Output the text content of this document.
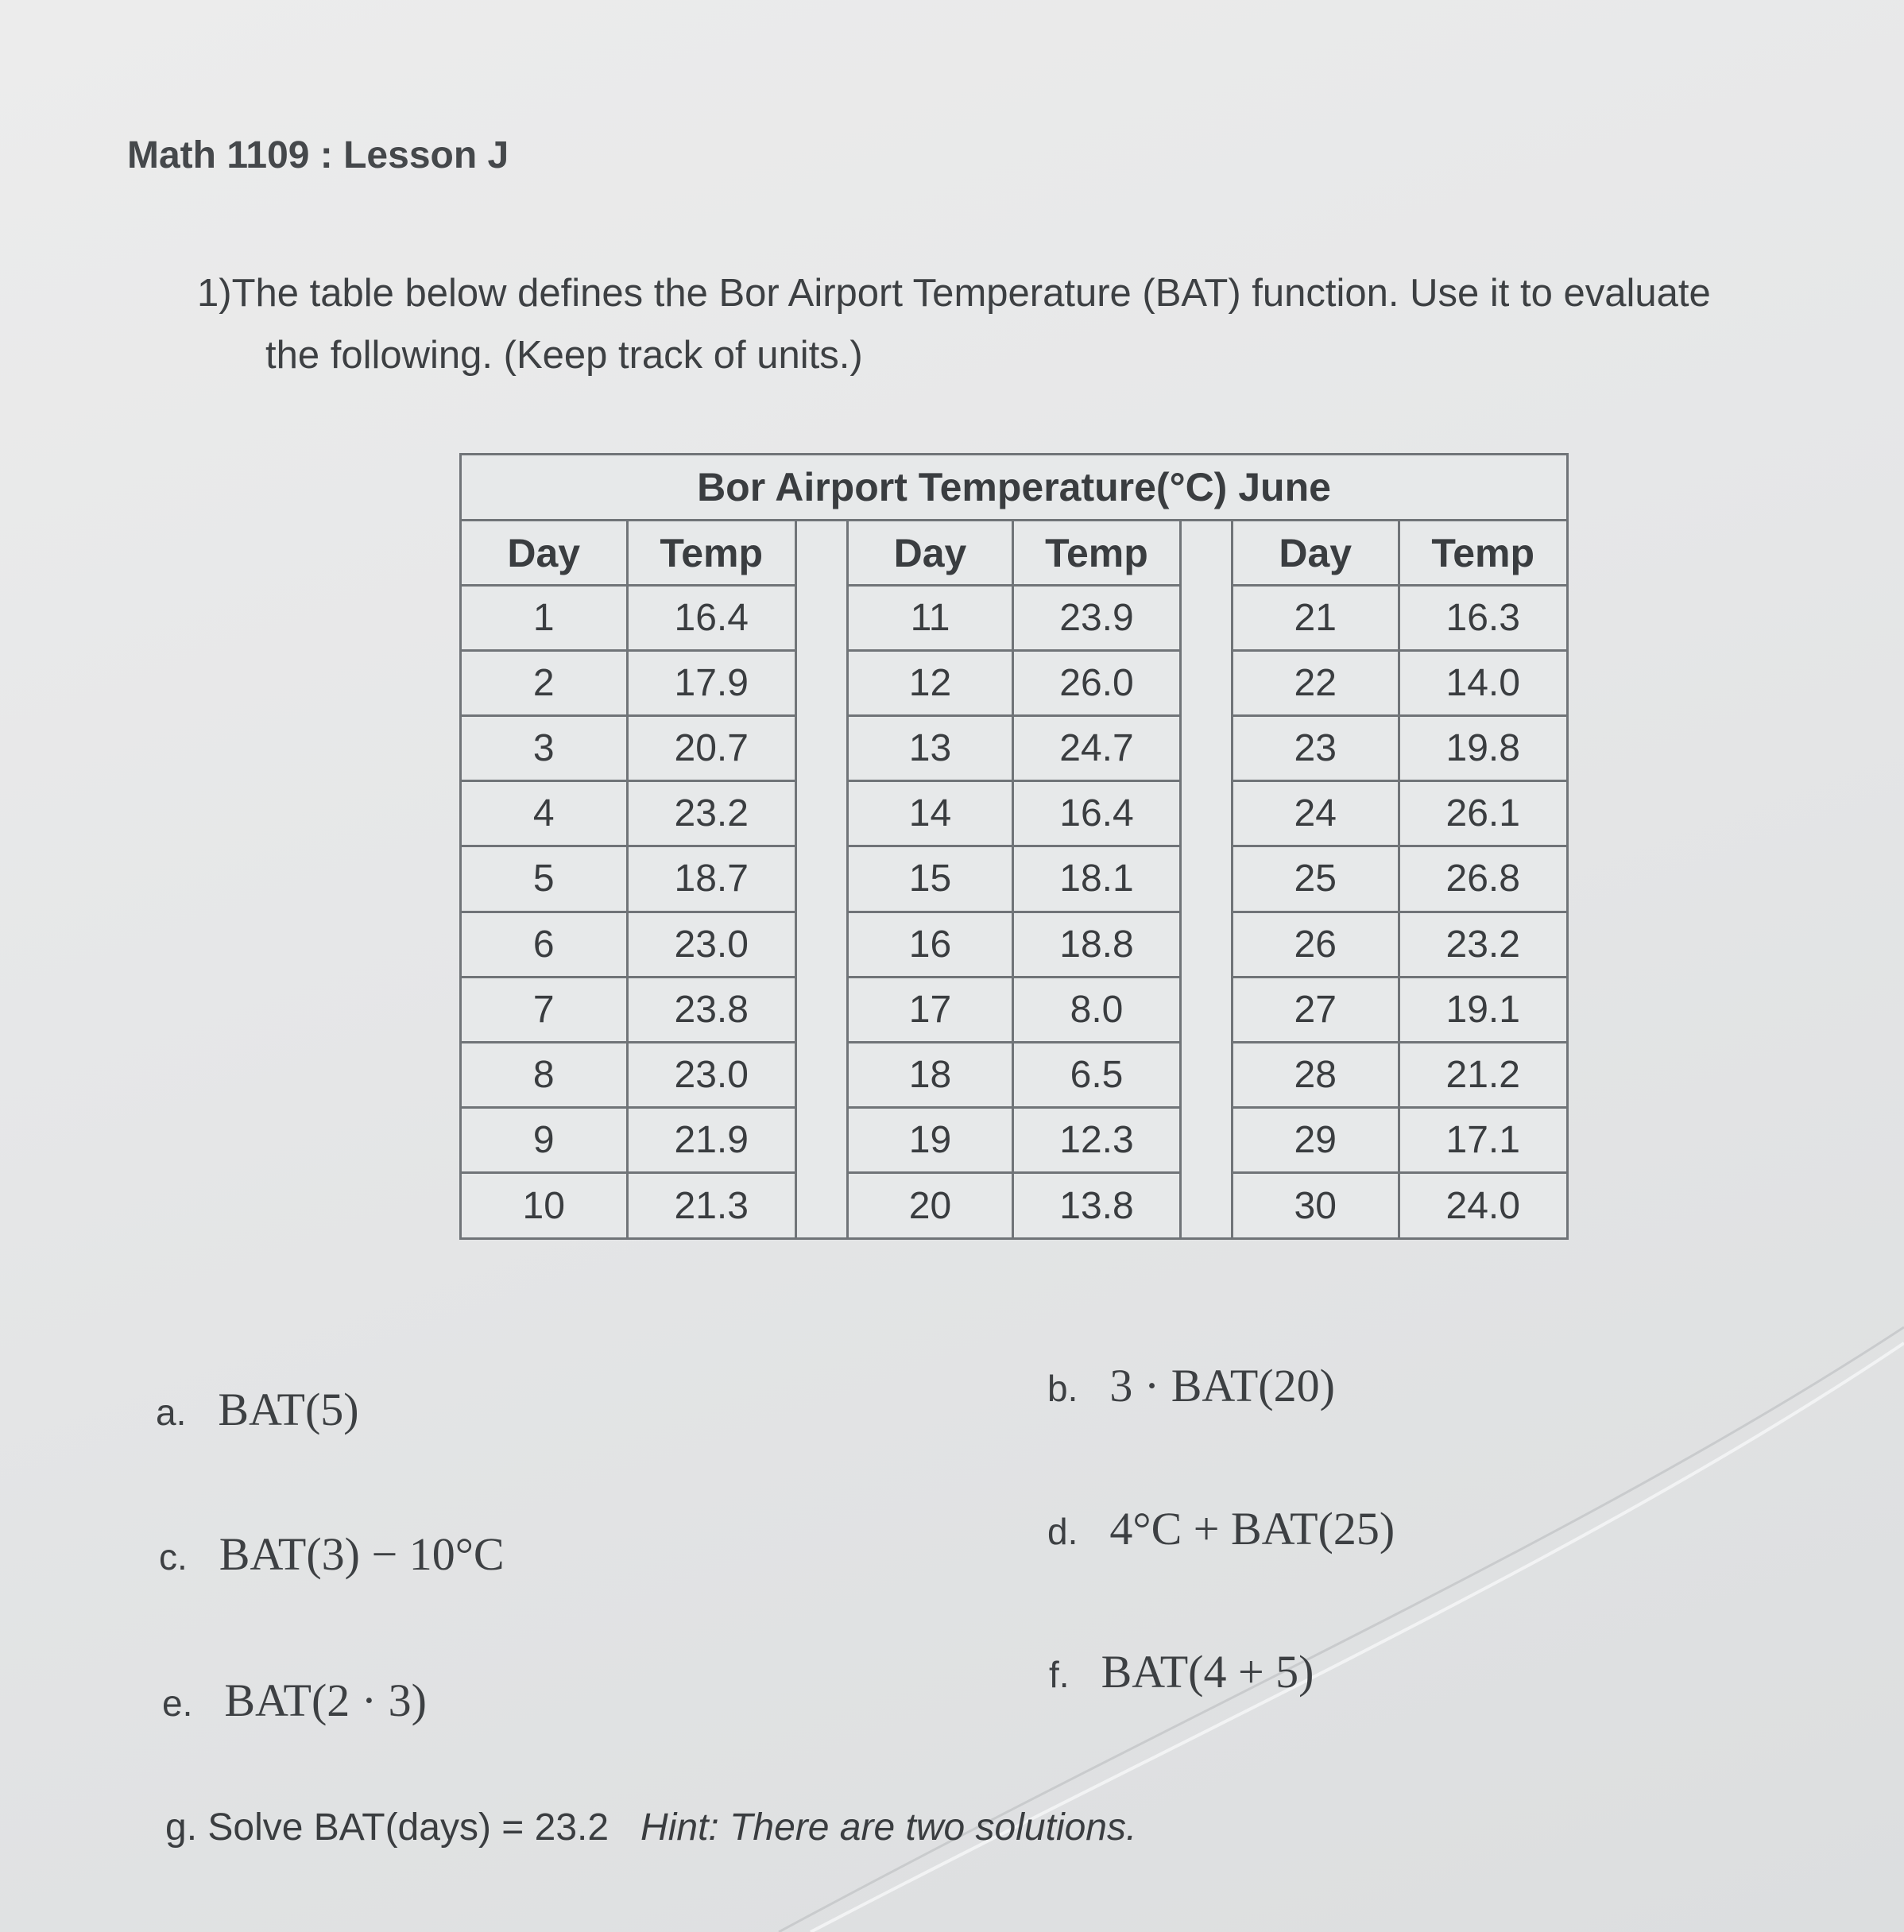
Math 1109 : Lesson J
1)The table below defines the Bor Airport Temperature (BAT) function. Use it to evaluate
the following. (Keep track of units.)
Bor Airport Temperature(°C) June
Day	Temp
1	16.4
2	17.9
3	20.7
4	23.2
5	18.7
6	23.0
7	23.8
8	23.0
9	21.9
10	21.3
Day	Temp
11	23.9
12	26.0
13	24.7
14	16.4
15	18.1
16	18.8
17	8.0
18	6.5
19	12.3
20	13.8
Day	Temp
21	16.3
22	14.0
23	19.8
24	26.1
25	26.8
26	23.2
27	19.1
28	21.2
29	17.1
30	24.0
a. BAT(5)	b. 3 · BAT(20)
c. BAT(3) − 10°C	d. 4°C + BAT(25)
e. BAT(2 · 3)	f. BAT(4 + 5)
g. Solve BAT(days) = 23.2 Hint: There are two solutions.
